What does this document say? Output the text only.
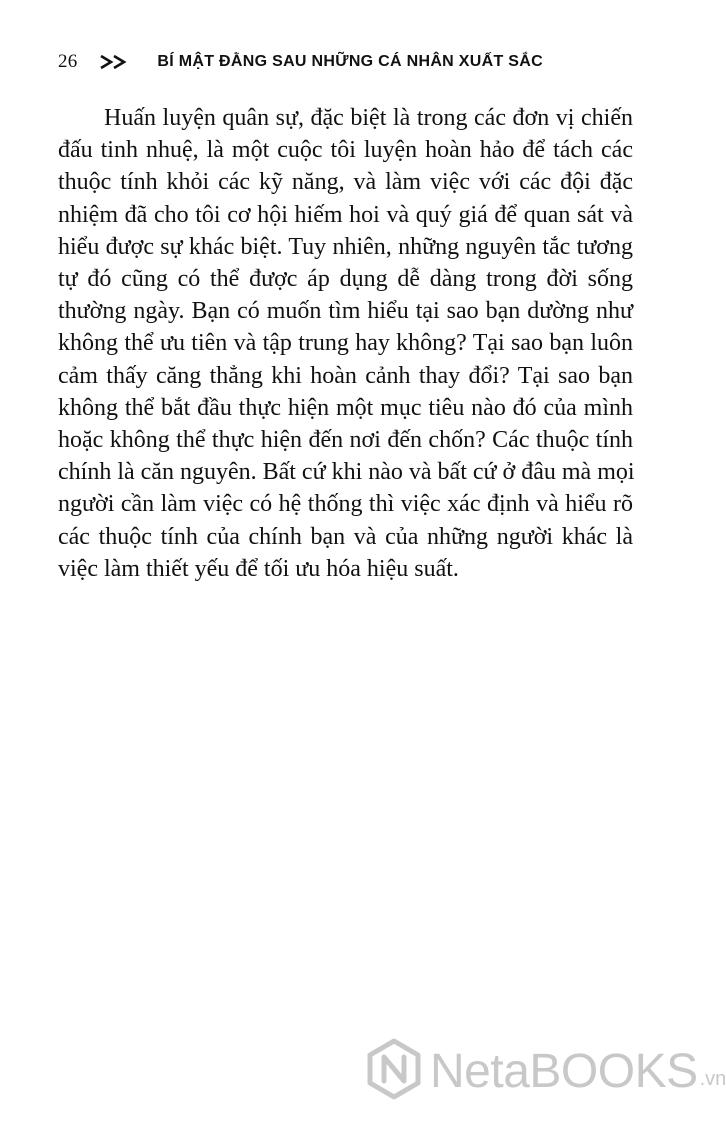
26	BÍ MẬT ĐẰNG SAU NHỮNG CÁ NHÂN XUẤT SẮC

Huấn luyện quân sự, đặc biệt là trong các đơn vị chiến
đấu tinh nhuệ, là một cuộc tôi luyện hoàn hảo để tách các
thuộc tính khỏi các kỹ năng, và làm việc với các đội đặc
nhiệm đã cho tôi cơ hội hiếm hoi và quý giá để quan sát và
hiểu được sự khác biệt. Tuy nhiên, những nguyên tắc tương
tự đó cũng có thể được áp dụng dễ dàng trong đời sống
thường ngày. Bạn có muốn tìm hiểu tại sao bạn dường như
không thể ưu tiên và tập trung hay không? Tại sao bạn luôn
cảm thấy căng thẳng khi hoàn cảnh thay đổi? Tại sao bạn
không thể bắt đầu thực hiện một mục tiêu nào đó của mình
hoặc không thể thực hiện đến nơi đến chốn? Các thuộc tính
chính là căn nguyên. Bất cứ khi nào và bất cứ ở đâu mà mọi
người cần làm việc có hệ thống thì việc xác định và hiểu rõ
các thuộc tính của chính bạn và của những người khác là
việc làm thiết yếu để tối ưu hóa hiệu suất.

NetaBOOKS .vn
